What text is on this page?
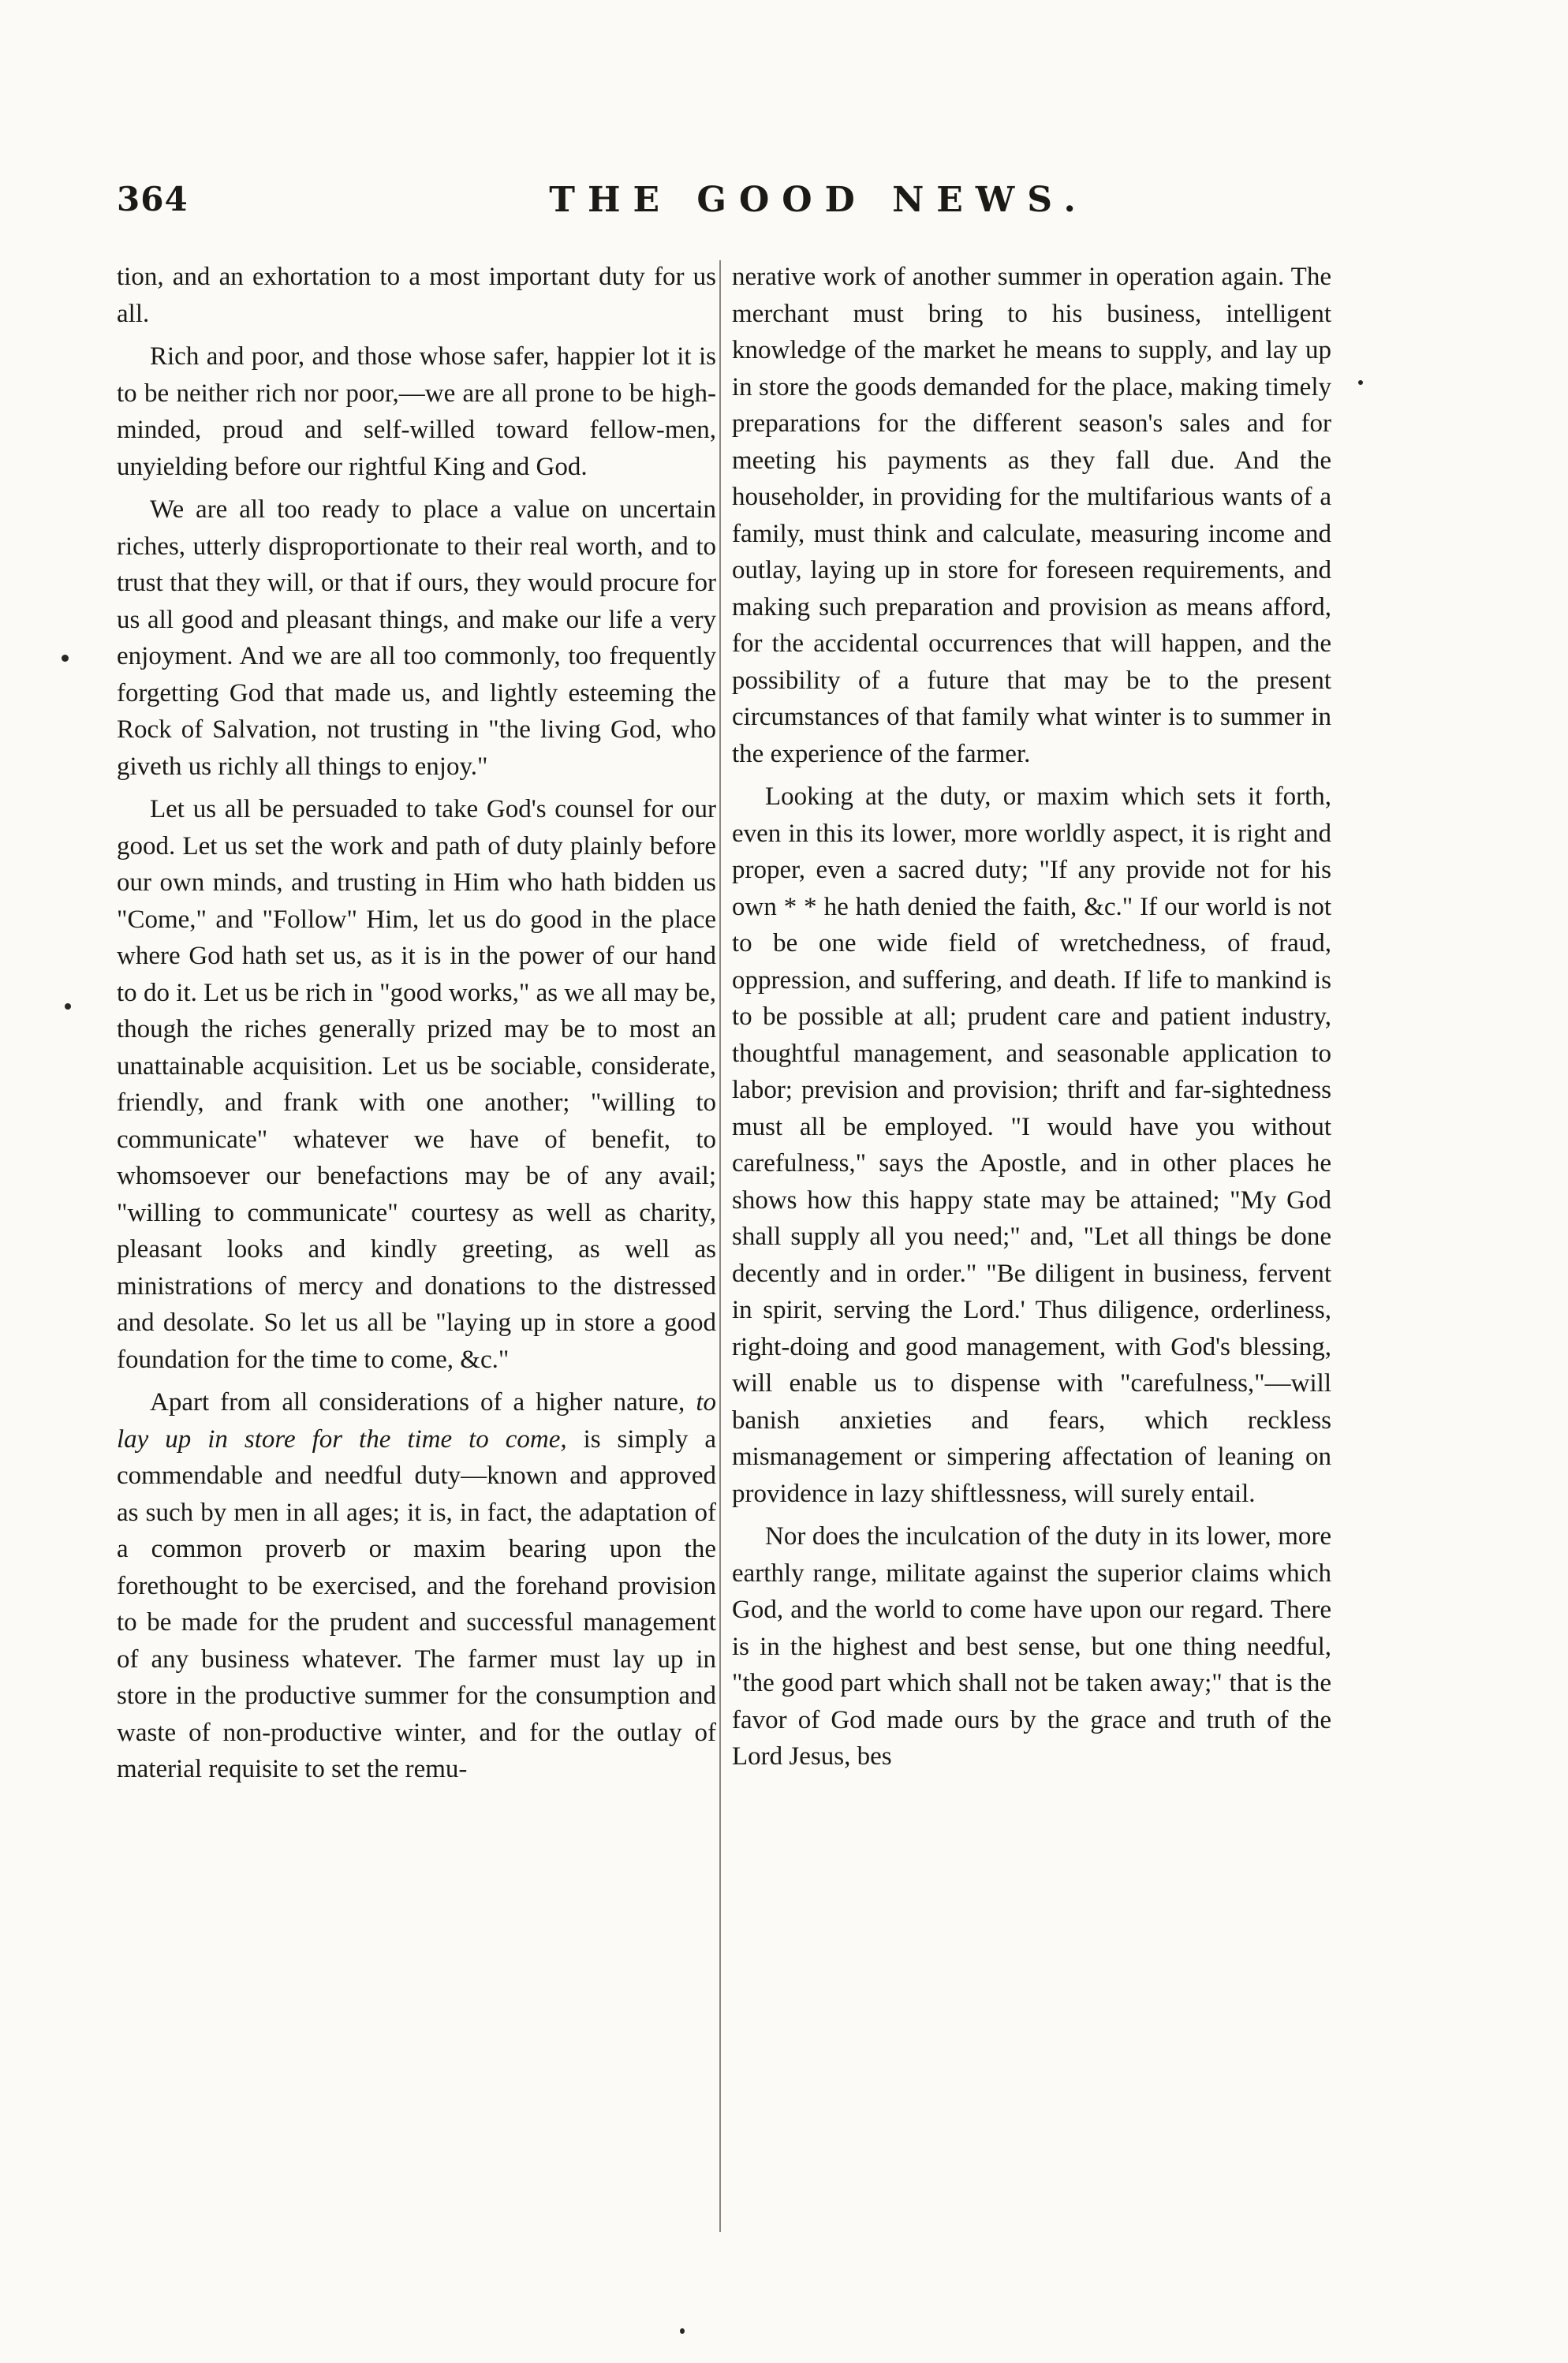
364	THE GOOD NEWS.

tion, and an exhortation to a most important duty for us all.

Rich and poor, and those whose safer, happier lot it is to be neither rich nor poor,—we are all prone to be high-minded, proud and self-willed toward fellow-men, unyielding before our rightful King and God.

We are all too ready to place a value on uncertain riches, utterly disproportionate to their real worth, and to trust that they will, or that if ours, they would procure for us all good and pleasant things, and make our life a very enjoyment. And we are all too commonly, too frequently forgetting God that made us, and lightly esteeming the Rock of Salvation, not trusting in "the living God, who giveth us richly all things to enjoy."

Let us all be persuaded to take God's counsel for our good. Let us set the work and path of duty plainly before our own minds, and trusting in Him who hath bidden us "Come," and "Follow" Him, let us do good in the place where God hath set us, as it is in the power of our hand to do it. Let us be rich in "good works," as we all may be, though the riches generally prized may be to most an unattainable acquisition. Let us be sociable, considerate, friendly, and frank with one another; "willing to communicate" whatever we have of benefit, to whomsoever our benefactions may be of any avail; "willing to communicate" courtesy as well as charity, pleasant looks and kindly greeting, as well as ministrations of mercy and donations to the distressed and desolate. So let us all be "laying up in store a good foundation for the time to come, &c."

Apart from all considerations of a higher nature, to lay up in store for the time to come, is simply a commendable and needful duty—known and approved as such by men in all ages; it is, in fact, the adaptation of a common proverb or maxim bearing upon the forethought to be exercised, and the forehand provision to be made for the prudent and successful management of any business whatever. The farmer must lay up in store in the productive summer for the consumption and waste of non-productive winter, and for the outlay of material requisite to set the remu-

nerative work of another summer in operation again. The merchant must bring to his business, intelligent knowledge of the market he means to supply, and lay up in store the goods demanded for the place, making timely preparations for the different season's sales and for meeting his payments as they fall due. And the householder, in providing for the multifarious wants of a family, must think and calculate, measuring income and outlay, laying up in store for foreseen requirements, and making such preparation and provision as means afford, for the accidental occurrences that will happen, and the possibility of a future that may be to the present circumstances of that family what winter is to summer in the experience of the farmer.

Looking at the duty, or maxim which sets it forth, even in this its lower, more worldly aspect, it is right and proper, even a sacred duty; "If any provide not for his own * * he hath denied the faith, &c." If our world is not to be one wide field of wretchedness, of fraud, oppression, and suffering, and death. If life to mankind is to be possible at all; prudent care and patient industry, thoughtful management, and seasonable application to labor; prevision and provision; thrift and far-sightedness must all be employed. "I would have you without carefulness," says the Apostle, and in other places he shows how this happy state may be attained; "My God shall supply all you need;" and, "Let all things be done decently and in order." "Be diligent in business, fervent in spirit, serving the Lord.' Thus diligence, orderliness, right-doing and good management, with God's blessing, will enable us to dispense with "carefulness,"—will banish anxieties and fears, which reckless mismanagement or simpering affectation of leaning on providence in lazy shiftlessness, will surely entail.

Nor does the inculcation of the duty in its lower, more earthly range, militate against the superior claims which God, and the world to come have upon our regard. There is in the highest and best sense, but one thing needful, "the good part which shall not be taken away;" that is the favor of God made ours by the grace and truth of the Lord Jesus, bes
